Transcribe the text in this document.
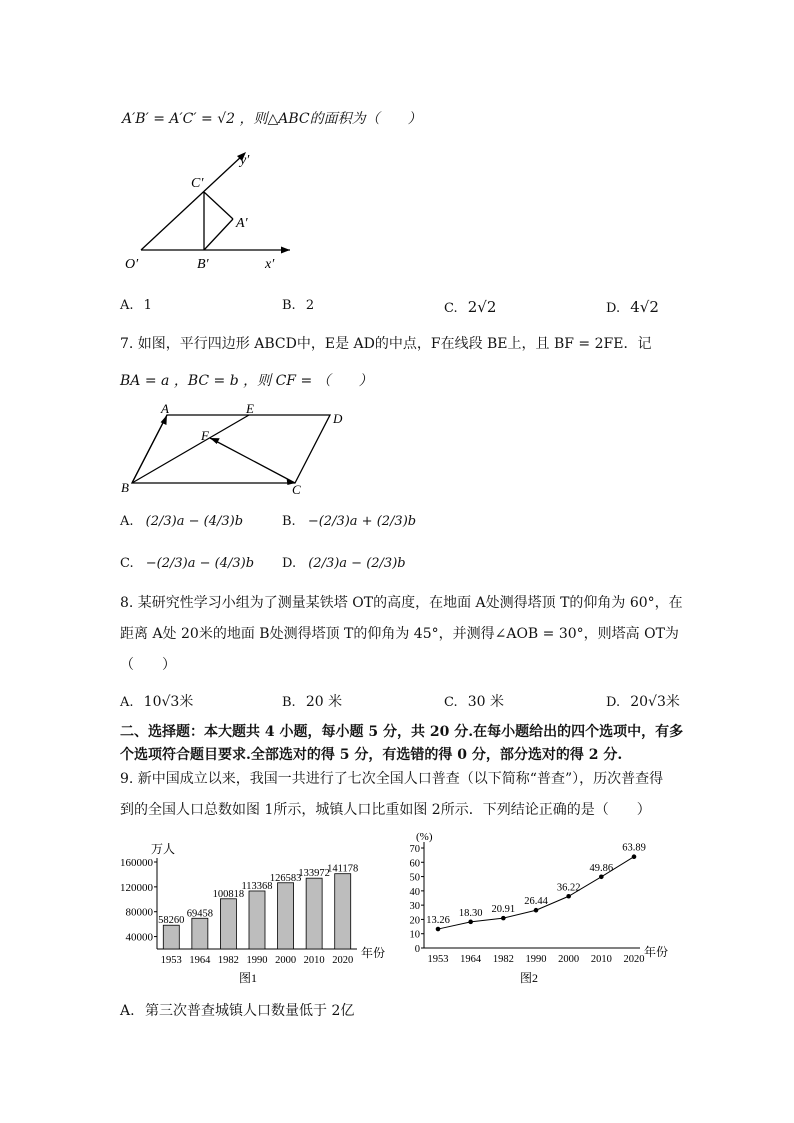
A′B′ = A′C′ = √2 ，则△ABC的面积为（　　）
y′
C′
A′
O′	B′	x′
A. 1	B. 2	C. 2√2	D. 4√2
7. 如图，平行四边形 ABCD中，E是 AD的中点，F在线段 BE上，且 BF = 2FE．记
BA = a ，BC = b ，则 CF = （　　）
A	E
D
F
B	C
A. (2/3)a − (4/3)b	B. −(2/3)a + (2/3)b
C. −(2/3)a − (4/3)b D. (2/3)a − (2/3)b
8. 某研究性学习小组为了测量某铁塔 OT的高度，在地面 A处测得塔顶 T的仰角为 60°，在
距离 A处 20米的地面 B处测得塔顶 T的仰角为 45°，并测得∠AOB = 30°，则塔高 OT为
（　　）
A. 10√3米	B. 20 米	C. 30 米	D. 20√3米
二、选择题：本大题共 4 小题，每小题 5 分，共 20 分.在每小题给出的四个选项中，有多
个选项符合题目要求.全部选对的得 5 分，有选错的得 0 分，部分选对的得 2 分.
9. 新中国成立以来，我国一共进行了七次全国人口普查（以下简称“普查”），历次普查得
到的全国人口总数如图 1所示，城镇人口比重如图 2所示．下列结论正确的是（　　）
40000
80000
120000
160000
58260
1953
69458
1964
100818
1982
113368
1990
126583
2000
133972
2010
141178
2020
万人
年份
图1
0
10
20
30
40
50
60
70
1953
13.26
1964
18.30
1982
20.91
1990
26.44
2000
36.22
2010
49.86
2020
63.89
(%)
年份
图2
A. 第三次普查城镇人口数量低于 2亿
